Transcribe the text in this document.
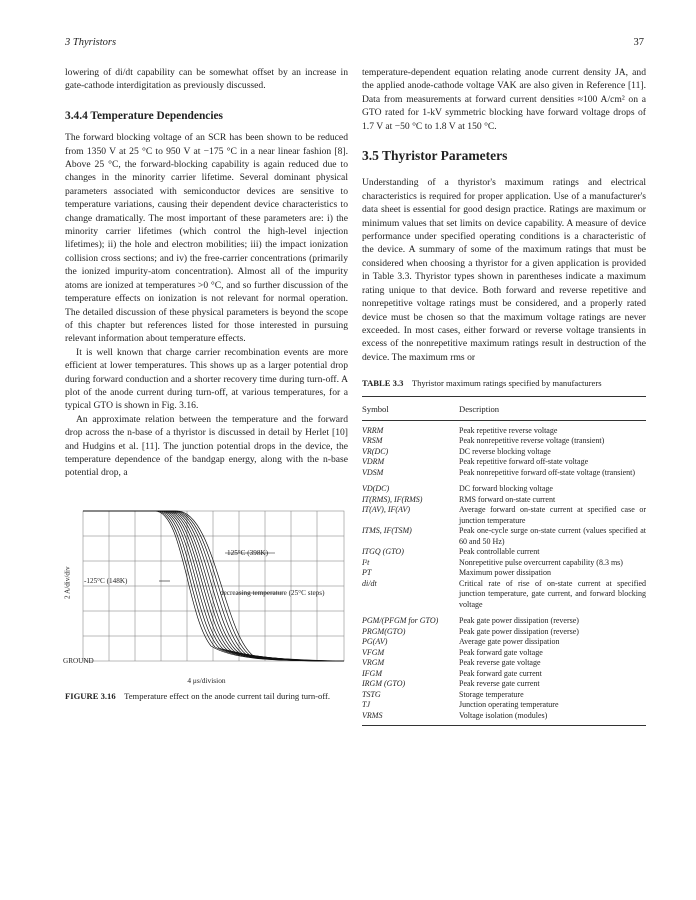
3 Thyristors	37

lowering of di/dt capability can be somewhat offset by an increase in gate-cathode interdigitation as previously discussed.

3.4.4 Temperature Dependencies

The forward blocking voltage of an SCR has been shown to be reduced from 1350 V at 25 °C to 950 V at −175 °C in a near linear fashion [8]. Above 25 °C, the forward-blocking capability is again reduced due to changes in the minority carrier lifetime. Several dominant physical parameters associated with semiconductor devices are sensitive to temperature variations, causing their dependent device characteristics to change dramatically. The most important of these parameters are: i) the minority carrier lifetimes (which control the high-level injection lifetimes); ii) the hole and electron mobilities; iii) the impact ionization collision cross sections; and iv) the free-carrier concentrations (primarily the ionized impurity-atom concentration). Almost all of the impurity atoms are ionized at temperatures >0 °C, and so further discussion of the temperature effects on ionization is not relevant for normal operation. The detailed discussion of these physical parameters is beyond the scope of this chapter but references listed for those interested in pursuing relevant information about temperature effects.

It is well known that charge carrier recombination events are more efficient at lower temperatures. This shows up as a larger potential drop during forward conduction and a shorter recovery time during turn-off. A plot of the anode current during turn-off, at various temperatures, for a typical GTO is shown in Fig. 3.16.

An approximate relation between the temperature and the forward drop across the n-base of a thyristor is discussed in detail by Herlet [10] and Hudgins et al. [11]. The junction potential drops in the device, the temperature dependence of the bandgap energy, along with the n-base potential drop, a

125°C (398K)
-125°C (148K)
decreasing temperature (25°C steps)
2 A/div/div
GROUND
4 μs/division
FIGURE 3.16 Temperature effect on the anode current tail during turn-off.

temperature-dependent equation relating anode current density JA, and the applied anode-cathode voltage VAK are also given in Reference [11]. Data from measurements at forward current densities ≈100 A/cm² on a GTO rated for 1-kV symmetric blocking have forward voltage drops of 1.7 V at −50 °C to 1.8 V at 150 °C.

3.5 Thyristor Parameters

Understanding of a thyristor's maximum ratings and electrical characteristics is required for proper application. Use of a manufacturer's data sheet is essential for good design practice. Ratings are maximum or minimum values that set limits on device capability. A measure of device performance under specified operating conditions is a characteristic of the device. A summary of some of the maximum ratings that must be considered when choosing a thyristor for a given application is provided in Table 3.3. Thyristor types shown in parentheses indicate a maximum rating unique to that device. Both forward and reverse repetitive and nonrepetitive voltage ratings must be considered, and a properly rated device must be chosen so that the maximum voltage ratings are never exceeded. In most cases, either forward or reverse voltage transients in excess of the nonrepetitive maximum ratings result in destruction of the device. The maximum rms or

TABLE 3.3 Thyristor maximum ratings specified by manufacturers
Symbol	Description
VRRM	Peak repetitive reverse voltage
VRSM	Peak nonrepetitive reverse voltage (transient)
VR(DC)	DC reverse blocking voltage
VDRM	Peak repetitive forward off-state voltage
VDSM	Peak nonrepetitive forward off-state voltage (transient)
VD(DC)	DC forward blocking voltage
IT(RMS), IF(RMS)	RMS forward on-state current
IT(AV), IF(AV)	Average forward on-state current at specified case or junction temperature
ITMS, IF(TSM)	Peak one-cycle surge on-state current (values specified at 60 and 50 Hz)
ITGQ (GTO)	Peak controllable current
I²t	Nonrepetitive pulse overcurrent capability (8.3 ms)
PT	Maximum power dissipation
di/dt	Critical rate of rise of on-state current at specified junction temperature, gate current, and forward blocking voltage
PGM/(PFGM for GTO)	Peak gate power dissipation (reverse)
PRGM(GTO)	Peak gate power dissipation (reverse)
PG(AV)	Average gate power dissipation
VFGM	Peak forward gate voltage
VRGM	Peak reverse gate voltage
IFGM	Peak forward gate current
IRGM (GTO)	Peak reverse gate current
TSTG	Storage temperature
TJ	Junction operating temperature
VRMS	Voltage isolation (modules)
